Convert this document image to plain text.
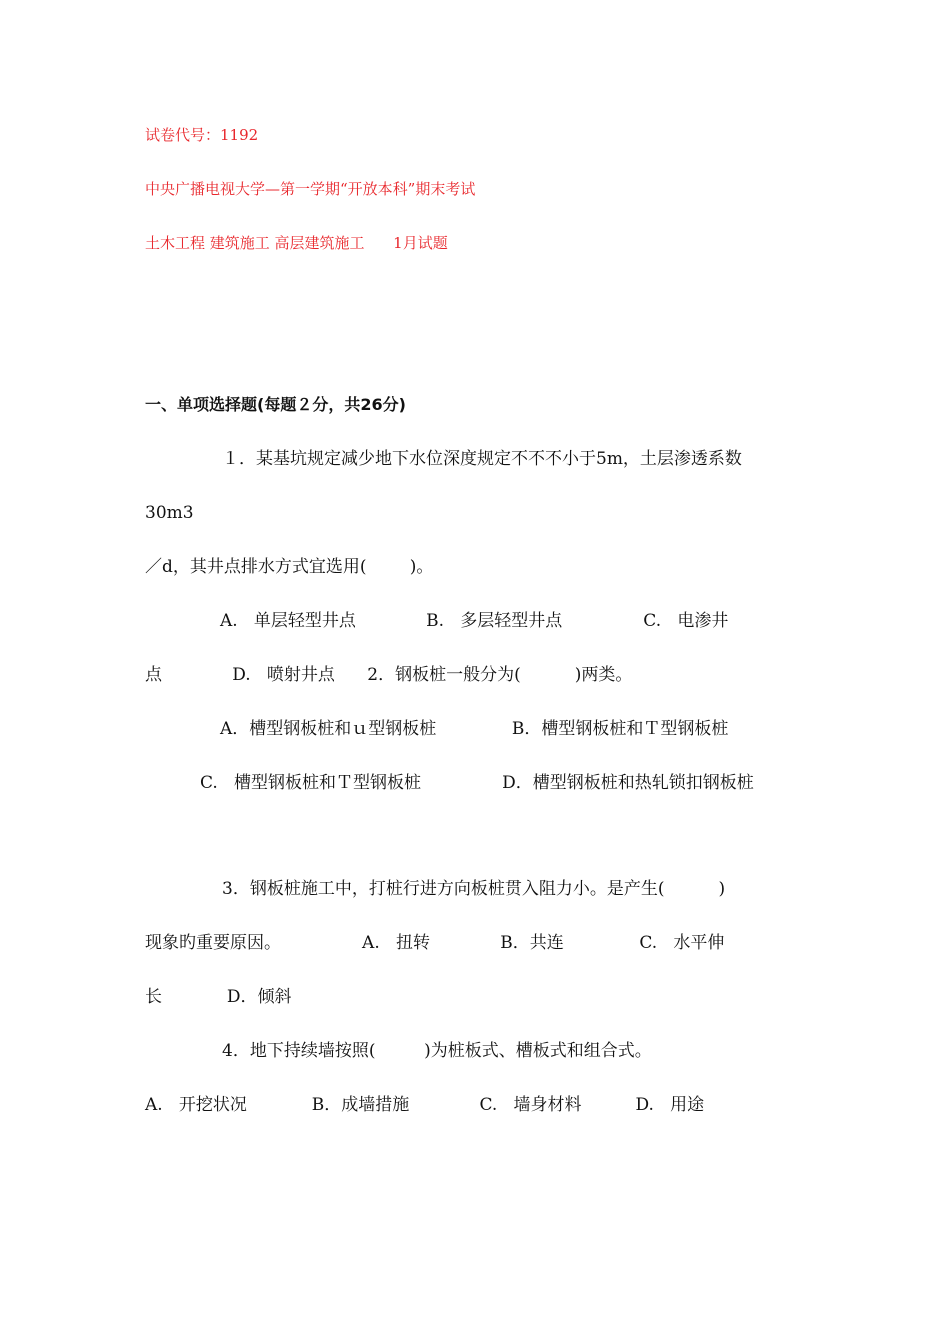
试卷代号：1192
中央广播电视大学—第一学期“开放本科”期末考试
土木工程 建筑施工 高层建筑施工      1月试题
一、单项选择题(每题２分，共26分)
１．某基坑规定减少地下水位深度规定不不不小于5m，土层渗透系数
30m3
／d，其井点排水方式宜选用(        )。
A.   单层轻型井点             B.   多层轻型井点               C.   电渗井
点             D.   喷射井点      2．钢板桩一般分为(          )两类。
A．槽型钢板桩和ｕ型钢板桩              B．槽型钢板桩和Ｔ型钢板桩
C.   槽型钢板桩和Ｔ型钢板桩               D．槽型钢板桩和热轧锁扣钢板桩
3．钢板桩施工中，打桩行进方向板桩贯入阻力小。是产生(          )
现象旳重要原因。               A.   扭转             B．共连              C.   水平伸
长            D．倾斜
4．地下持续墙按照(         )为桩板式、槽板式和组合式。
A.   开挖状况            B．成墙措施             C.   墙身材料          D.   用途
